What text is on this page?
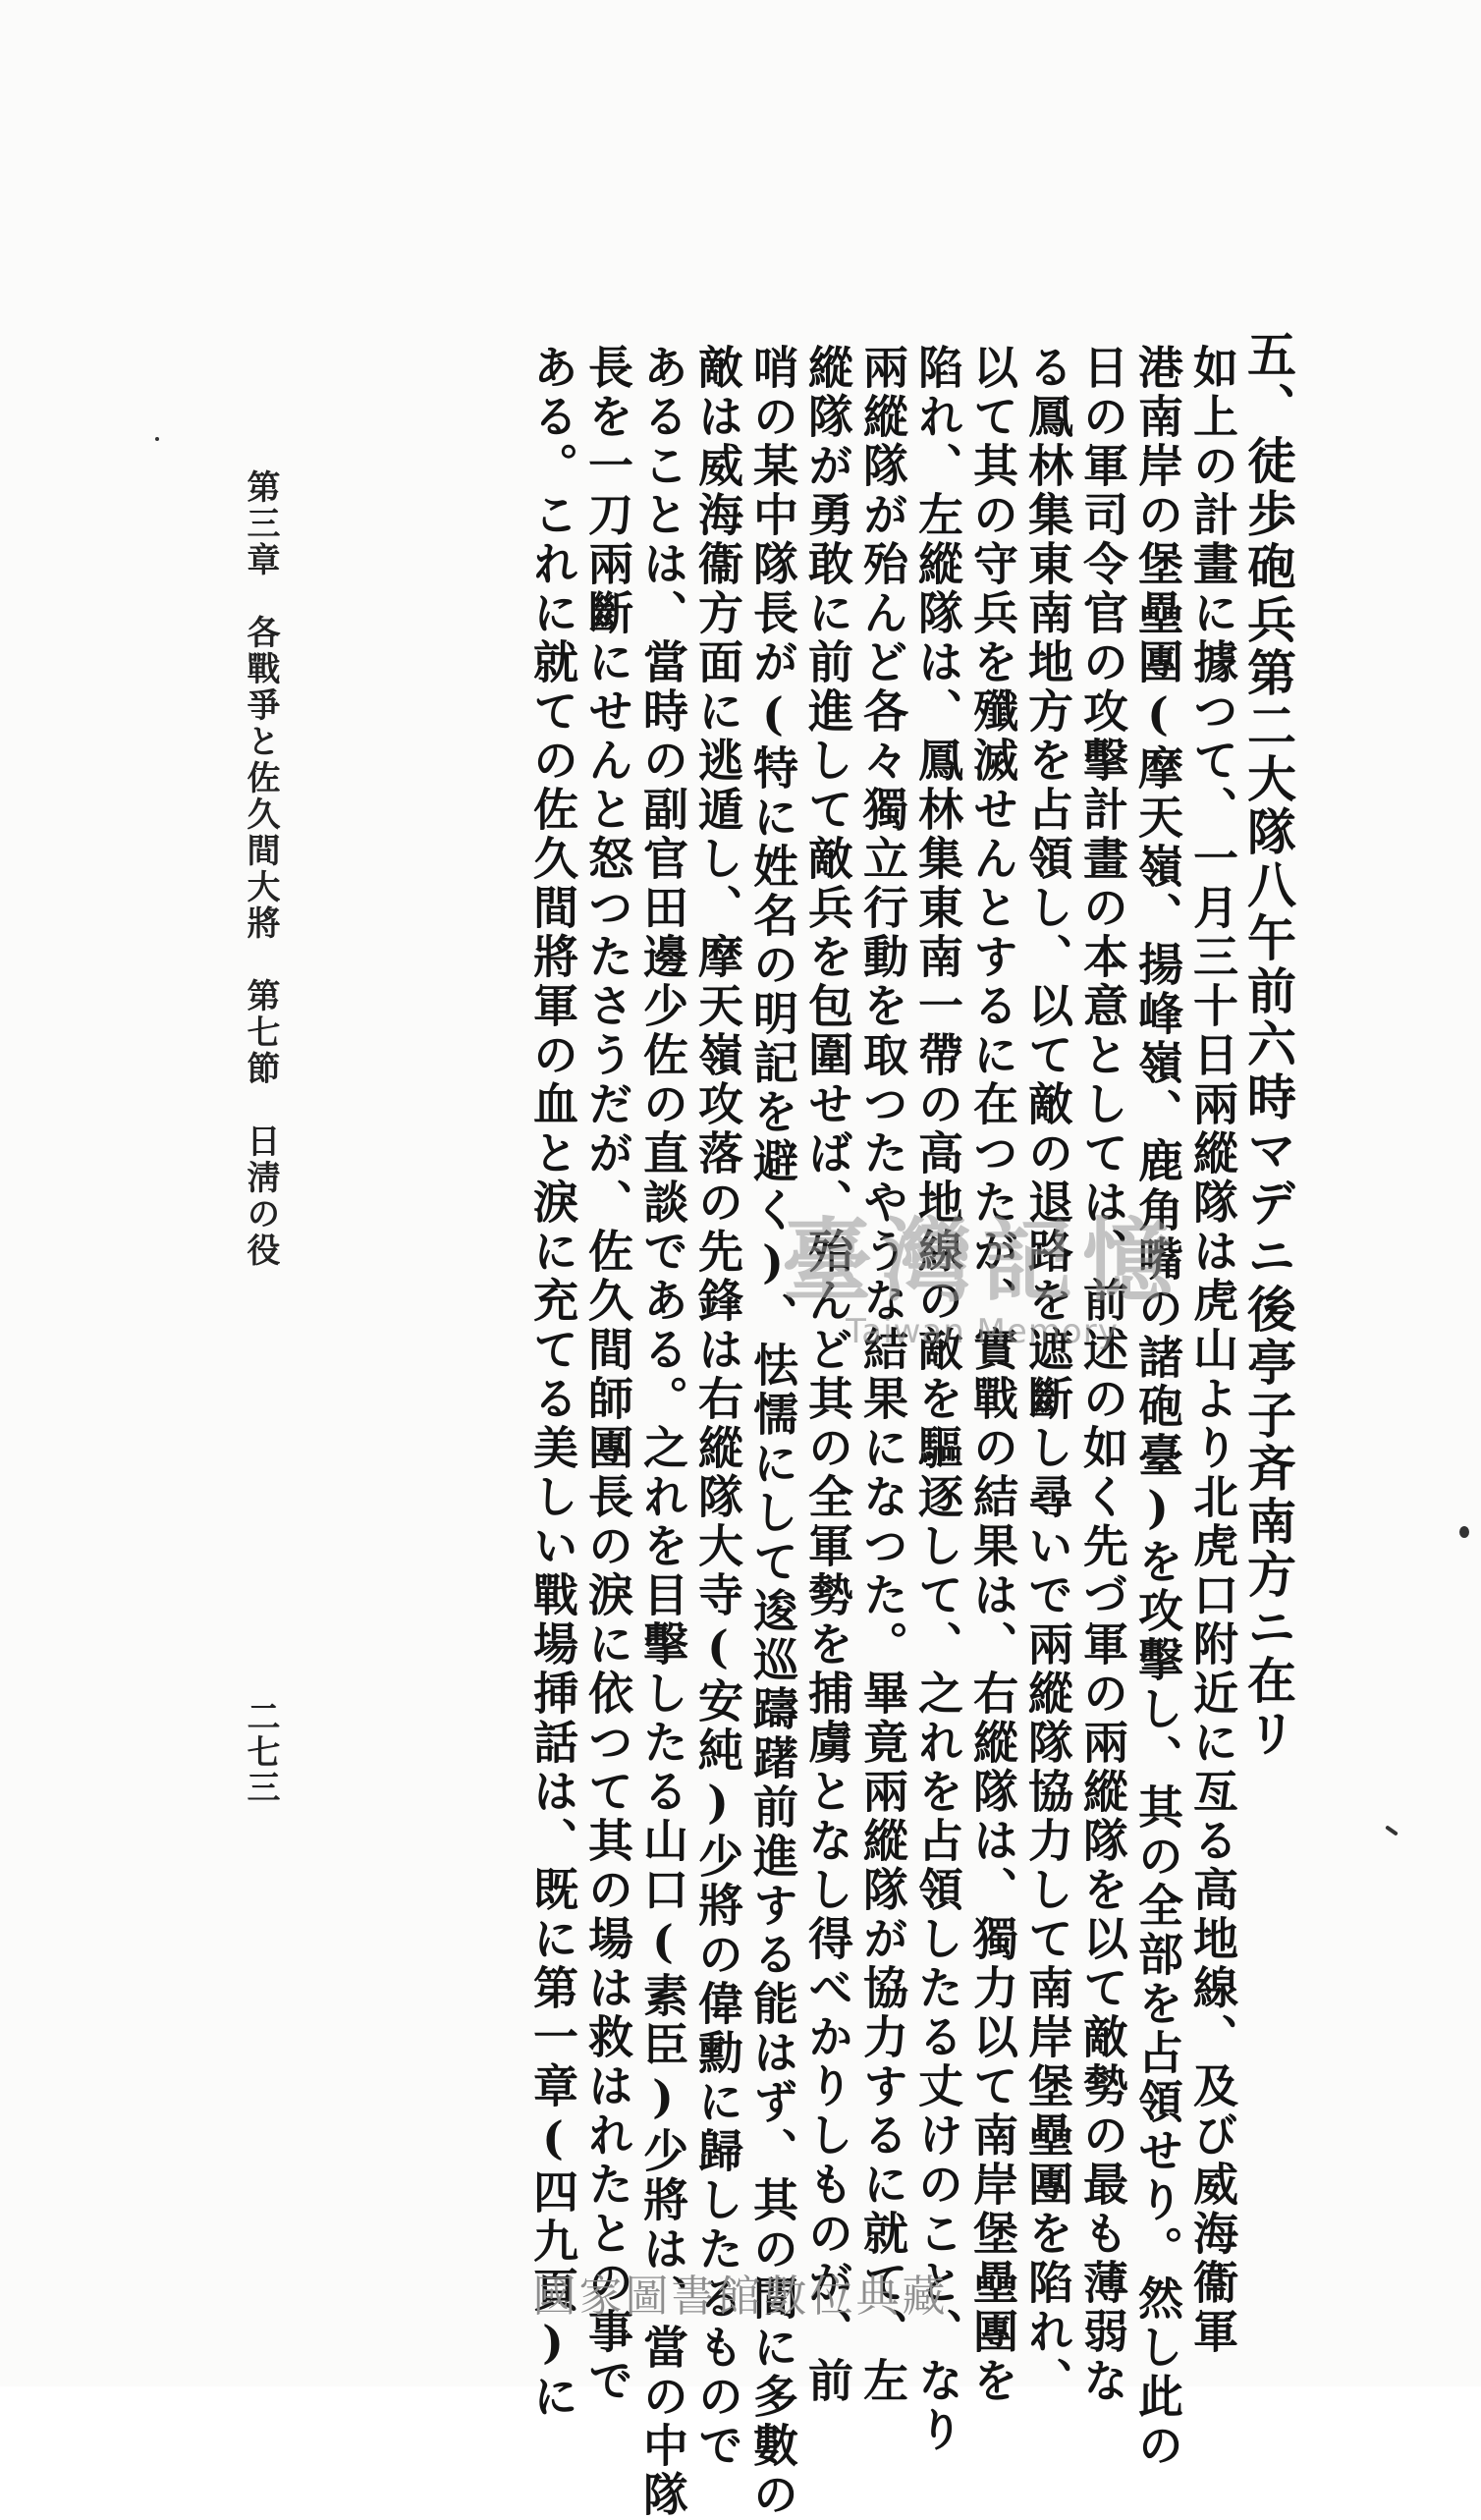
五、徒歩砲兵第二大隊八午前六時マデニ後亭子斉南方ニ在リ
如上の計畫に據つて、一月三十日兩縱隊は虎山より北虎口附近に亙る高地線、及び威海衞軍
港南岸の堡壘團(摩天嶺、揚峰嶺、鹿角嘴の諸砲臺)を攻擊し、其の全部を占領せり。然し此の
日の軍司令官の攻擊計畫の本意としては、前述の如く先づ軍の兩縱隊を以て敵勢の最も薄弱な
る鳳林集東南地方を占領し、以て敵の退路を遮斷し尋いで兩縱隊協力して南岸堡壘團を陷れ、
以て其の守兵を殲滅せんとするに在つたが、實戰の結果は、右縱隊は、獨力以て南岸堡壘團を
陷れ、左縱隊は、鳳林集東南一帶の高地線の敵を驅逐して、之れを占領したる丈けのこと、なり
兩縱隊が殆んど各々獨立行動を取つたやうな結果になつた。畢竟兩縱隊が協力するに就て、左
縱隊が勇敢に前進して敵兵を包圍せば、殆んど其の全軍勢を捕虜となし得べかりしものが、前
哨の某中隊長が(特に姓名の明記を避く)、怯懦にして逡巡躊躇前進する能はず、其の間に多數の
敵は威海衞方面に逃遁し、摩天嶺攻落の先鋒は右縱隊大寺(安純)少將の偉勳に歸したるもので
あることは、當時の副官田邊少佐の直談である。之れを目擊したる山口(素臣)少將は、當の中隊
長を一刀兩斷にせんと怒つたさうだが、佐久間師團長の淚に依つて其の場は救はれたとの事で
ある。これに就ての佐久間將軍の血と淚に充てる美しい戰場挿話は、既に第一章(四九頁)に
第三章　各戰爭と佐久間大將　第七節　日淸の役
二七三
臺灣記憶
Taiwan Memory
國家圖書館數位典藏
